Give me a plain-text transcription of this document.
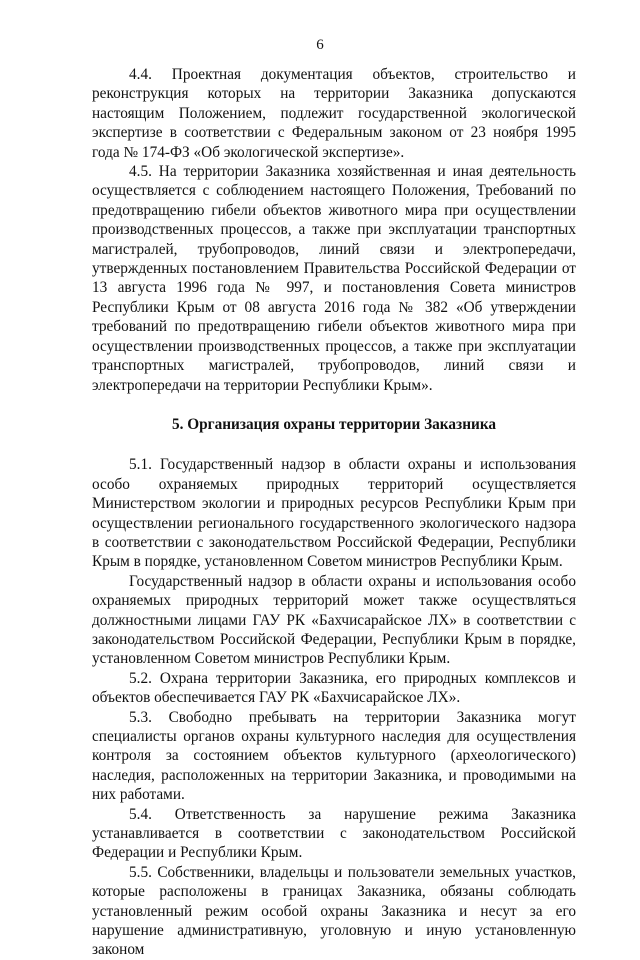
6

4.4. Проектная документация объектов, строительство и реконструкция которых на территории Заказника допускаются настоящим Положением, подлежит государственной экологической экспертизе в соответствии с Федеральным законом от 23 ноября 1995 года № 174-ФЗ «Об экологической экспертизе».

4.5. На территории Заказника хозяйственная и иная деятельность осуществляется с соблюдением настоящего Положения, Требований по предотвращению гибели объектов животного мира при осуществлении производственных процессов, а также при эксплуатации транспортных магистралей, трубопроводов, линий связи и электропередачи, утвержденных постановлением Правительства Российской Федерации от 13 августа 1996 года № 997, и постановления Совета министров Республики Крым от 08 августа 2016 года № 382 «Об утверждении требований по предотвращению гибели объектов животного мира при осуществлении производственных процессов, а также при эксплуатации транспортных магистралей, трубопроводов, линий связи и электропередачи на территории Республики Крым».

5. Организация охраны территории Заказника

5.1. Государственный надзор в области охраны и использования особо охраняемых природных территорий осуществляется Министерством экологии и природных ресурсов Республики Крым при осуществлении регионального государственного экологического надзора в соответствии с законодательством Российской Федерации, Республики Крым в порядке, установленном Советом министров Республики Крым.

Государственный надзор в области охраны и использования особо охраняемых природных территорий может также осуществляться должностными лицами ГАУ РК «Бахчисарайское ЛХ» в соответствии с законодательством Российской Федерации, Республики Крым в порядке, установленном Советом министров Республики Крым.

5.2. Охрана территории Заказника, его природных комплексов и объектов обеспечивается ГАУ РК «Бахчисарайское ЛХ».

5.3. Свободно пребывать на территории Заказника могут специалисты органов охраны культурного наследия для осуществления контроля за состоянием объектов культурного (археологического) наследия, расположенных на территории Заказника, и проводимыми на них работами.

5.4. Ответственность за нарушение режима Заказника устанавливается в соответствии с законодательством Российской Федерации и Республики Крым.

5.5. Собственники, владельцы и пользователи земельных участков, которые расположены в границах Заказника, обязаны соблюдать установленный режим особой охраны Заказника и несут за его нарушение административную, уголовную и иную установленную законом
